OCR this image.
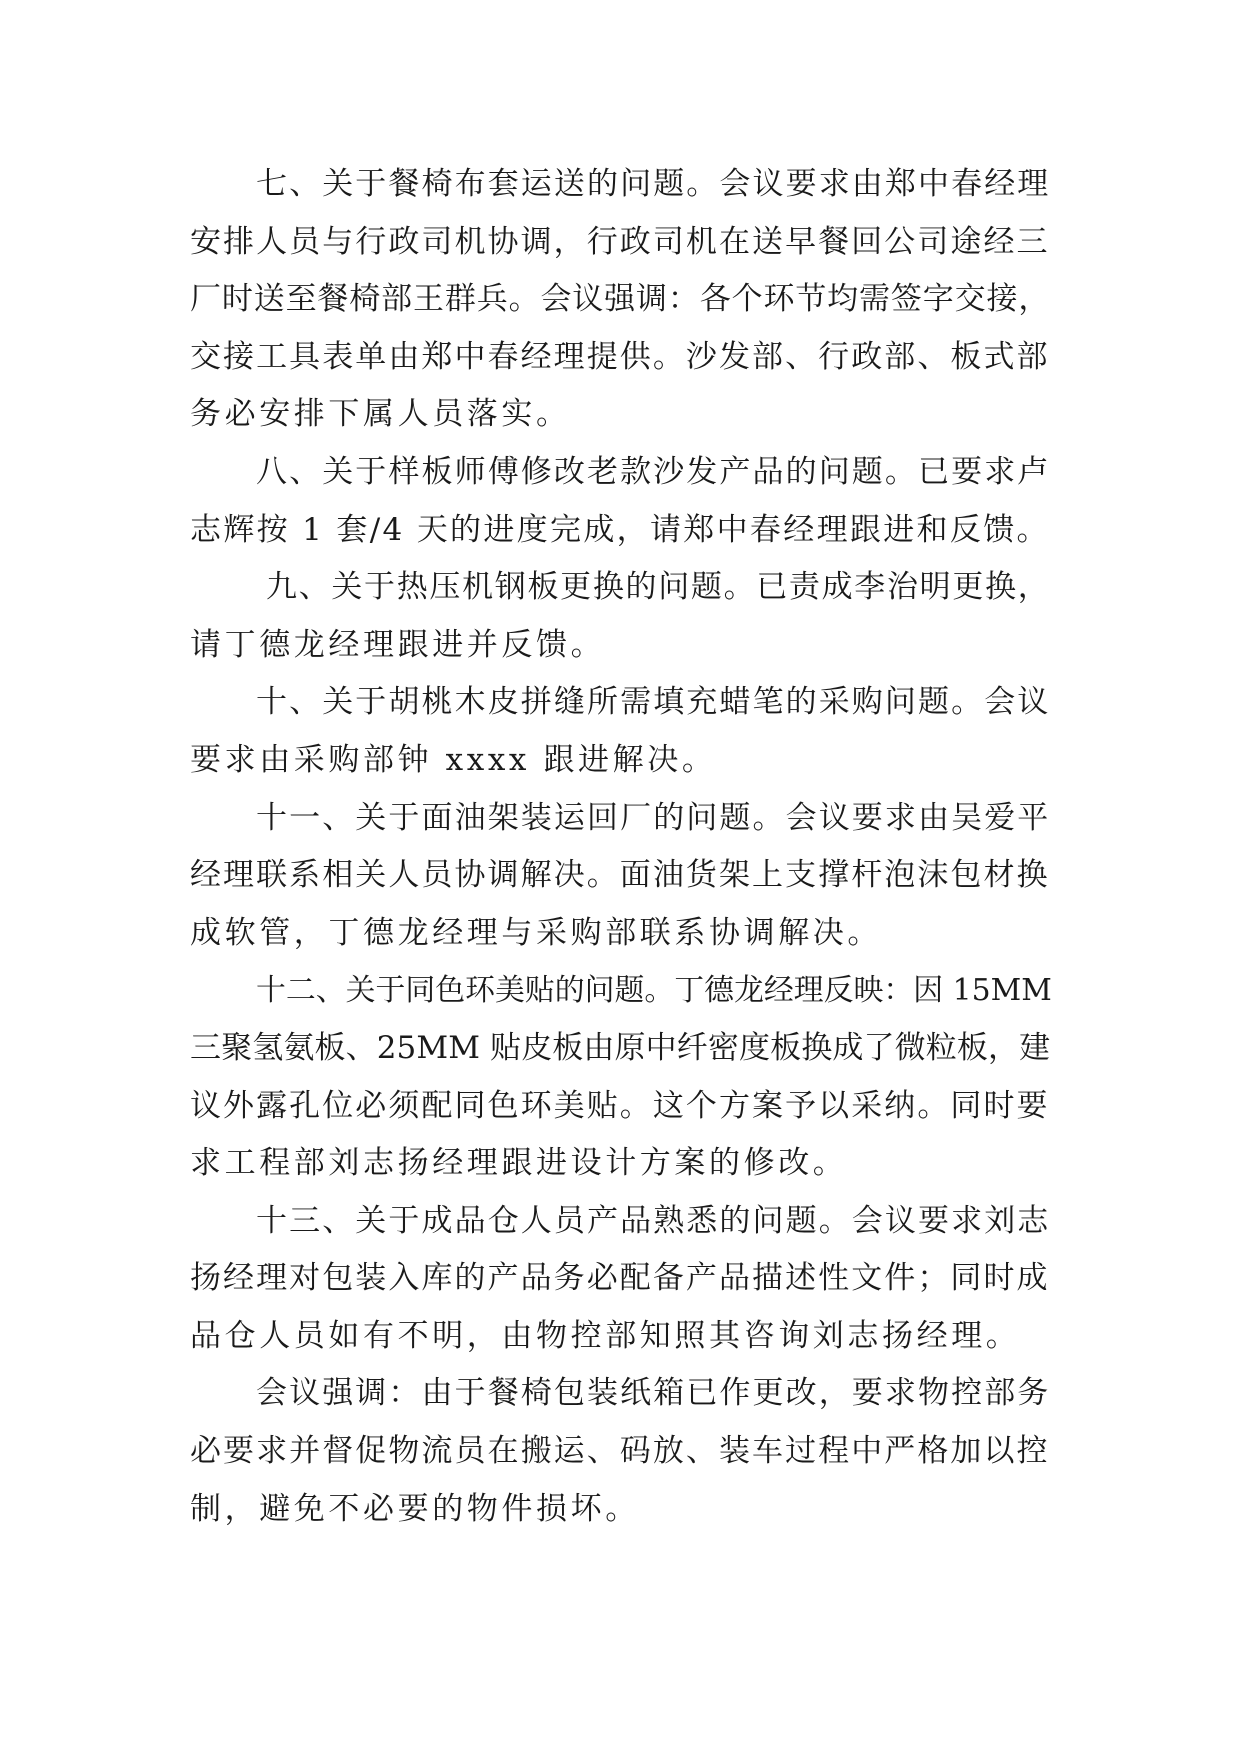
七、关于餐椅布套运送的问题。会议要求由郑中春经理
安排人员与行政司机协调，行政司机在送早餐回公司途经三
厂时送至餐椅部王群兵。会议强调：各个环节均需签字交接，
交接工具表单由郑中春经理提供。沙发部、行政部、板式部
务必安排下属人员落实。

八、关于样板师傅修改老款沙发产品的问题。已要求卢
志辉按 1 套/4 天的进度完成，请郑中春经理跟进和反馈。

九、关于热压机钢板更换的问题。已责成李治明更换，
请丁德龙经理跟进并反馈。

十、关于胡桃木皮拼缝所需填充蜡笔的采购问题。会议
要求由采购部钟 xxxx 跟进解决。

十一、关于面油架装运回厂的问题。会议要求由吴爱平
经理联系相关人员协调解决。面油货架上支撑杆泡沫包材换
成软管，丁德龙经理与采购部联系协调解决。

十二、关于同色环美贴的问题。丁德龙经理反映：因 15MM
三聚氢氨板、25MM 贴皮板由原中纤密度板换成了微粒板，建
议外露孔位必须配同色环美贴。这个方案予以采纳。同时要
求工程部刘志扬经理跟进设计方案的修改。

十三、关于成品仓人员产品熟悉的问题。会议要求刘志
扬经理对包装入库的产品务必配备产品描述性文件；同时成
品仓人员如有不明，由物控部知照其咨询刘志扬经理。

会议强调：由于餐椅包装纸箱已作更改，要求物控部务
必要求并督促物流员在搬运、码放、装车过程中严格加以控
制，避免不必要的物件损坏。
